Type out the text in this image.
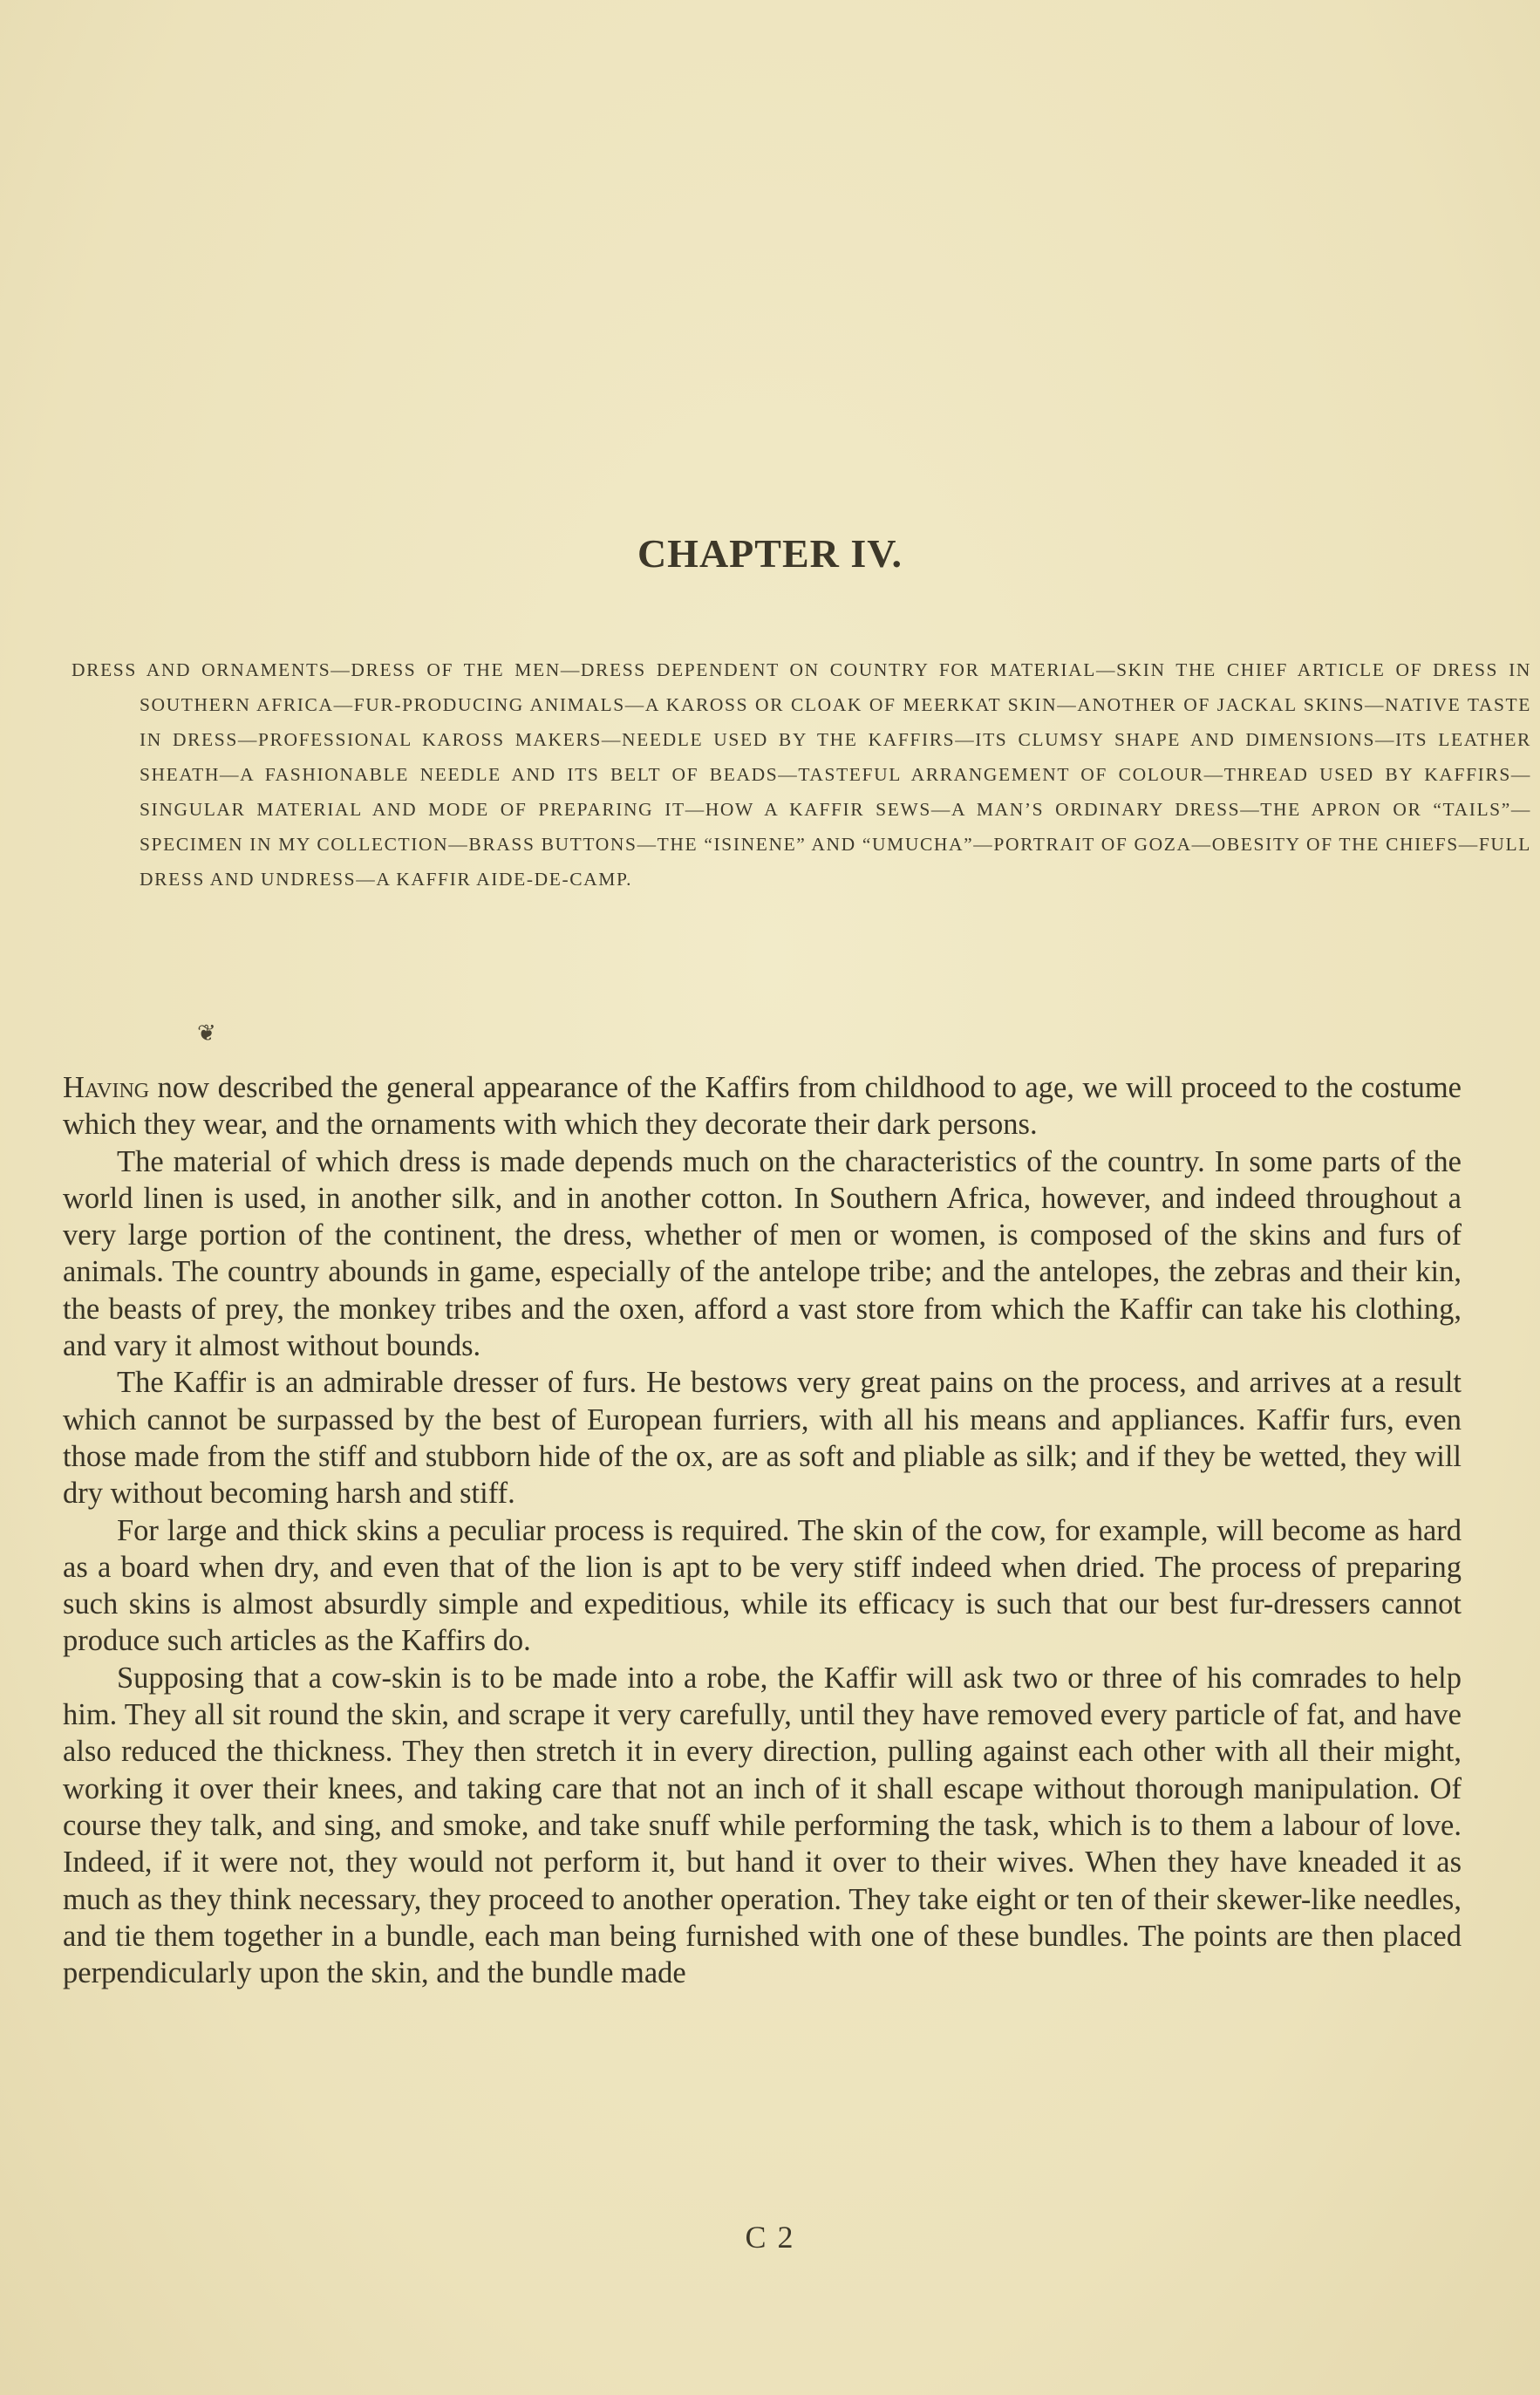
CHAPTER IV.

DRESS AND ORNAMENTS—DRESS OF THE MEN—DRESS DEPENDENT ON COUNTRY FOR MATERIAL—SKIN THE CHIEF ARTICLE OF DRESS IN SOUTHERN AFRICA—FUR-PRODUCING ANIMALS—A KAROSS OR CLOAK OF MEERKAT SKIN—ANOTHER OF JACKAL SKINS—NATIVE TASTE IN DRESS—PROFESSIONAL KAROSS MAKERS—NEEDLE USED BY THE KAFFIRS—ITS CLUMSY SHAPE AND DIMENSIONS—ITS LEATHER SHEATH—A FASHIONABLE NEEDLE AND ITS BELT OF BEADS—TASTEFUL ARRANGEMENT OF COLOUR—THREAD USED BY KAFFIRS—SINGULAR MATERIAL AND MODE OF PREPARING IT—HOW A KAFFIR SEWS—A MAN’S ORDINARY DRESS—THE APRON OR “TAILS”—SPECIMEN IN MY COLLECTION—BRASS BUTTONS—THE “ISINENE” AND “UMUCHA”—PORTRAIT OF GOZA—OBESITY OF THE CHIEFS—FULL DRESS AND UNDRESS—A KAFFIR AIDE-DE-CAMP.

❦

Having now described the general appearance of the Kaffirs from childhood to age, we will proceed to the costume which they wear, and the ornaments with which they decorate their dark persons.

The material of which dress is made depends much on the characteristics of the country. In some parts of the world linen is used, in another silk, and in another cotton. In Southern Africa, however, and indeed throughout a very large portion of the continent, the dress, whether of men or women, is composed of the skins and furs of animals. The country abounds in game, especially of the antelope tribe; and the antelopes, the zebras and their kin, the beasts of prey, the monkey tribes and the oxen, afford a vast store from which the Kaffir can take his clothing, and vary it almost without bounds.

The Kaffir is an admirable dresser of furs. He bestows very great pains on the process, and arrives at a result which cannot be surpassed by the best of European furriers, with all his means and appliances. Kaffir furs, even those made from the stiff and stubborn hide of the ox, are as soft and pliable as silk; and if they be wetted, they will dry without becoming harsh and stiff.

For large and thick skins a peculiar process is required. The skin of the cow, for example, will become as hard as a board when dry, and even that of the lion is apt to be very stiff indeed when dried. The process of preparing such skins is almost absurdly simple and expeditious, while its efficacy is such that our best fur-dressers cannot produce such articles as the Kaffirs do.

Supposing that a cow-skin is to be made into a robe, the Kaffir will ask two or three of his comrades to help him. They all sit round the skin, and scrape it very carefully, until they have removed every particle of fat, and have also reduced the thickness. They then stretch it in every direction, pulling against each other with all their might, working it over their knees, and taking care that not an inch of it shall escape without thorough manipulation. Of course they talk, and sing, and smoke, and take snuff while performing the task, which is to them a labour of love. Indeed, if it were not, they would not perform it, but hand it over to their wives. When they have kneaded it as much as they think necessary, they proceed to another operation. They take eight or ten of their skewer-like needles, and tie them together in a bundle, each man being furnished with one of these bundles. The points are then placed perpendicularly upon the skin, and the bundle made

C 2
